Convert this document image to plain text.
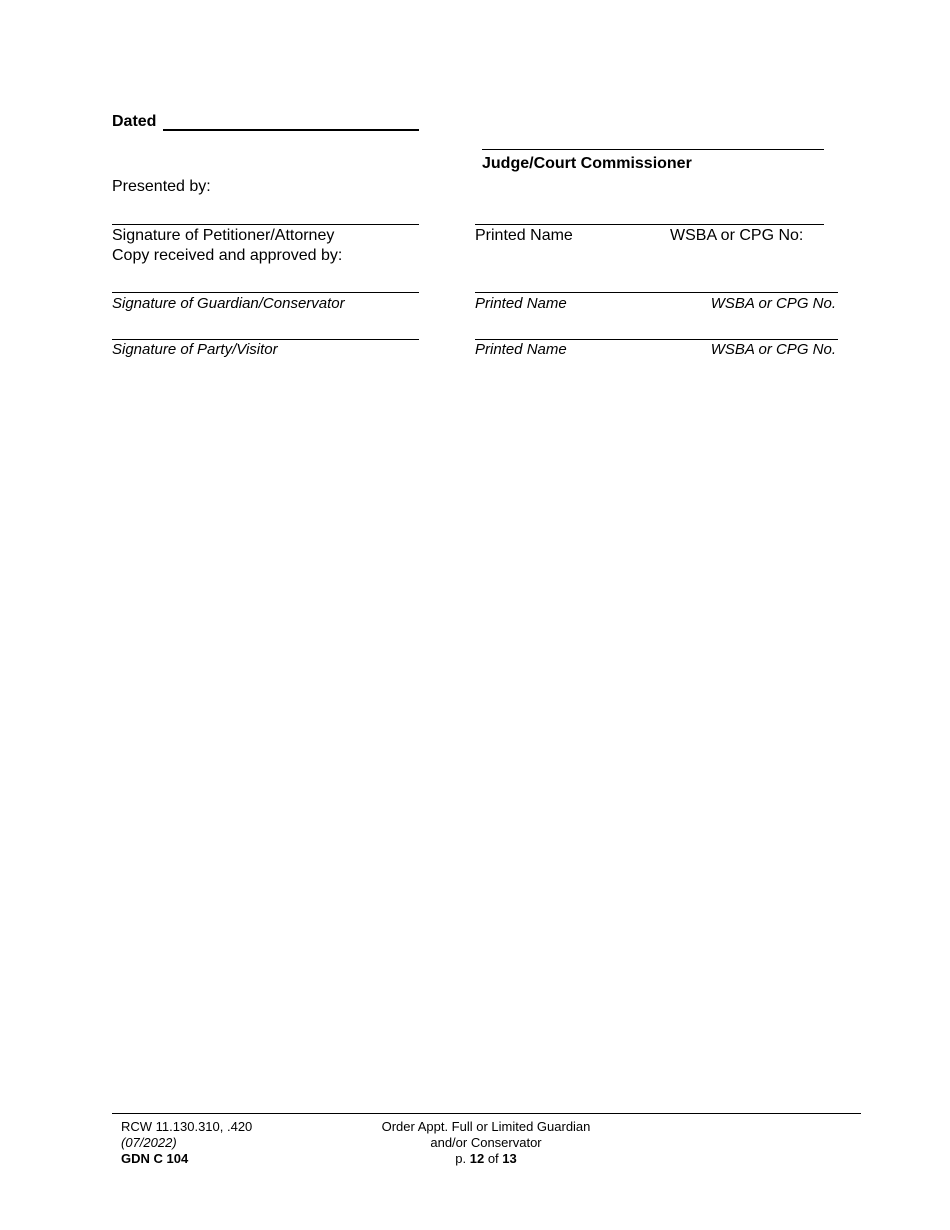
Dated
Judge/Court Commissioner
Presented by:
Signature of Petitioner/Attorney	Printed Name	WSBA or CPG No:
Copy received and approved by:
Signature of Guardian/Conservator	Printed Name	WSBA or CPG No.
Signature of Party/Visitor	Printed Name	WSBA or CPG No.
RCW 11.130.310, .420
(07/2022)
GDN C 104
Order Appt. Full or Limited Guardian
and/or Conservator
p. 12 of 13
